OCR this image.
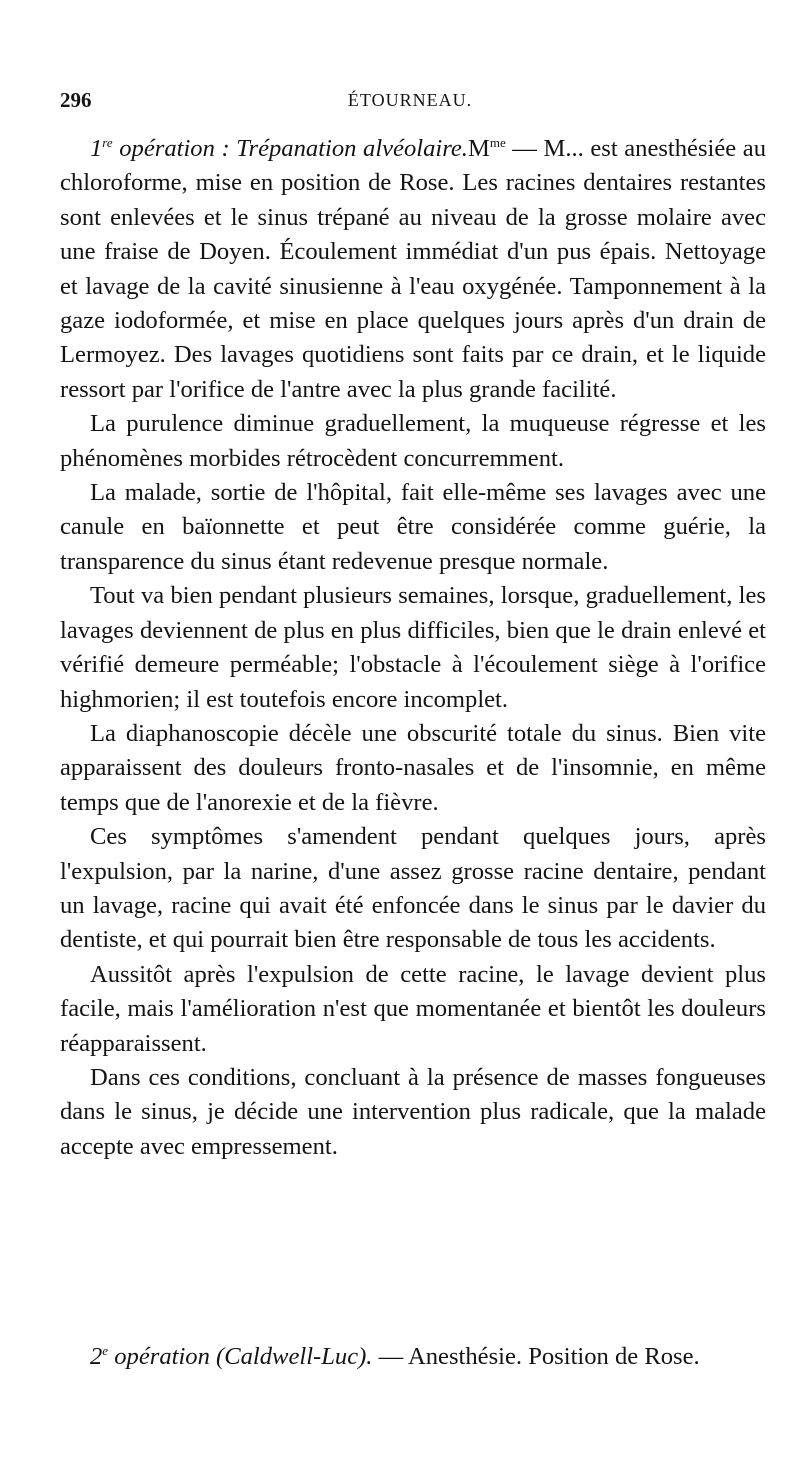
296	ÉTOURNEAU.

1re opération : Trépanation $alvéolaire.M^{me}$ — M... est anesthésiée au chloroforme, mise en position de Rose. Les racines dentaires restantes sont enlevées et le sinus trépané au niveau de la grosse molaire avec une fraise de Doyen. Écoulement immédiat d'un pus épais. Nettoyage et lavage de la cavité sinusienne à l'eau oxygénée. Tamponnement à la gaze iodoformée, et mise en place quelques jours après d'un drain de Lermoyez. Des lavages quotidiens sont faits par ce drain, et le liquide ressort par l'orifice de l'antre avec la plus grande facilité.

La purulence diminue graduellement, la muqueuse régresse et les phénomènes morbides rétrocèdent concurremment.

La malade, sortie de l'hôpital, fait elle-même ses lavages avec une canule en baïonnette et peut être considérée comme guérie, la transparence du sinus étant redevenue presque normale.

Tout va bien pendant plusieurs semaines, lorsque, graduellement, les lavages deviennent de plus en plus difficiles, bien que le drain enlevé et vérifié demeure perméable; l'obstacle à l'écoulement siège à l'orifice highmorien; il est toutefois encore incomplet.

La diaphanoscopie décèle une obscurité totale du sinus. Bien vite apparaissent des douleurs fronto-nasales et de l'insomnie, en même temps que de l'anorexie et de la fièvre.

Ces symptômes s'amendent pendant quelques jours, après l'expulsion, par la narine, d'une assez grosse racine dentaire, pendant un lavage, racine qui avait été enfoncée dans le sinus par le davier du dentiste, et qui pourrait bien être responsable de tous les accidents.

Aussitôt après l'expulsion de cette racine, le lavage devient plus facile, mais l'amélioration n'est que momentanée et bientôt les douleurs réapparaissent.

Dans ces conditions, concluant à la présence de masses fongueuses dans le sinus, je décide une intervention plus radicale, que la malade accepte avec empressement.

2e opération (Caldwell-Luc). — Anesthésie. Position de Rose.
